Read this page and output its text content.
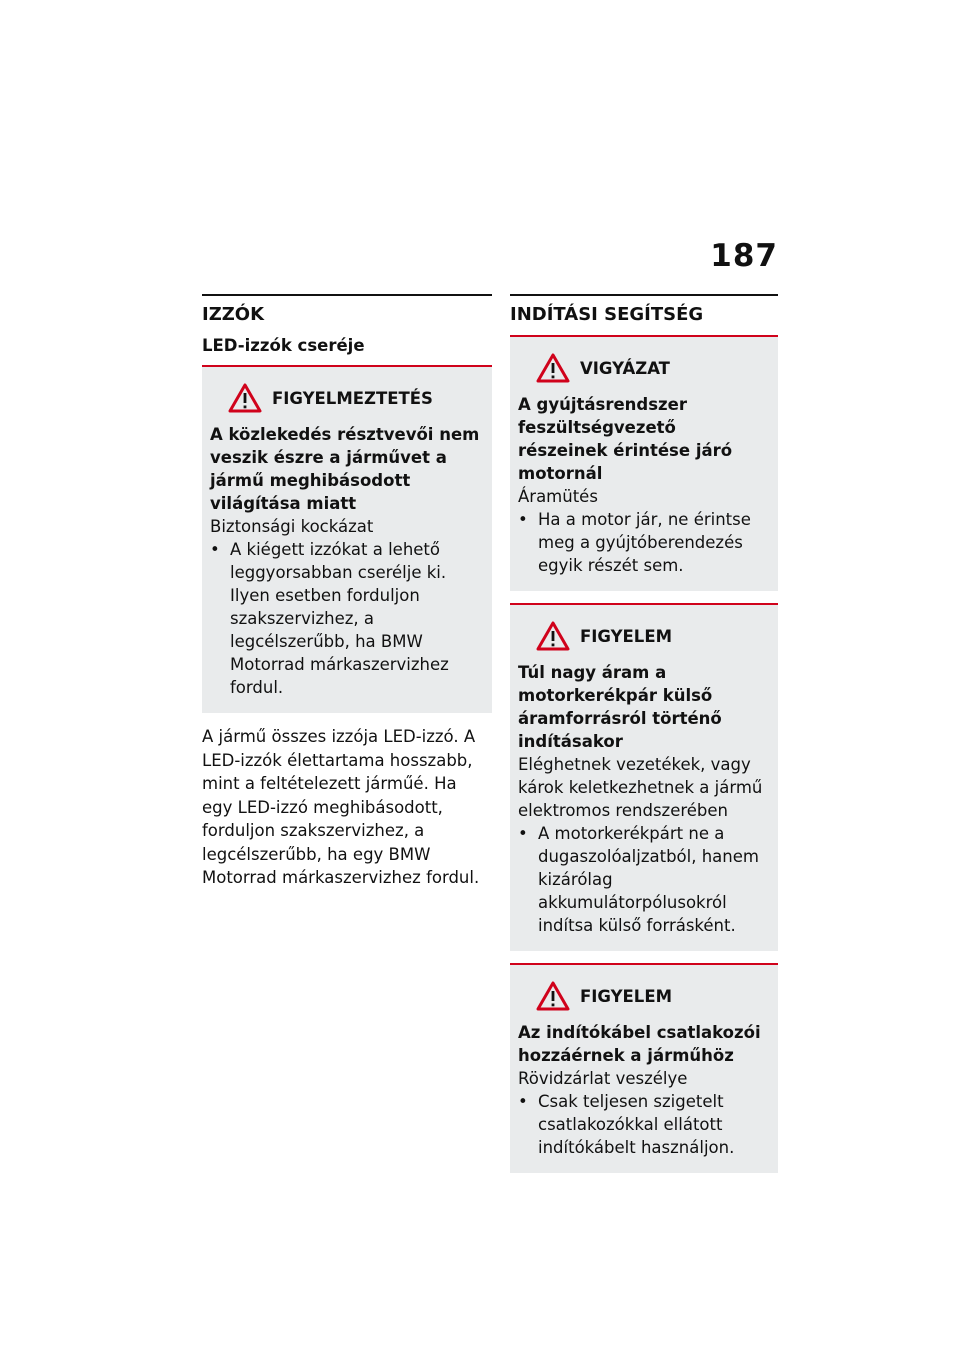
187
IZZÓK
LED-izzók cseréje
FIGYELMEZTETÉS
A közlekedés résztvevői nem veszik észre a járművet a jármű meghibásodott világítása miatt

Biztonsági kockázat

• A kiégett izzókat a lehető leggyorsabban cserélje ki. Ilyen esetben forduljon szakszervizhez, a legcélszerűbb, ha BMW Motorrad márkaszervizhez fordul.

A jármű összes izzója LED-izzó. A LED-izzók élettartama hosszabb, mint a feltételezett járműé. Ha egy LED-izzó meghibásodott, forduljon szakszervizhez, a legcélszerűbb, ha egy BMW Motorrad márkaszervizhez fordul.

INDÍTÁSI SEGÍTSÉG
VIGYÁZAT
A gyújtásrendszer feszültségvezető részeinek érintése járó motornál

Áramütés

• Ha a motor jár, ne érintse meg a gyújtóberendezés egyik részét sem.
FIGYELEM
Túl nagy áram a motorkerékpár külső áramforrásról történő indításakor

Eléghetnek vezetékek, vagy károk keletkezhetnek a jármű elektromos rendszerében

• A motorkerékpárt ne a dugaszolóaljzatból, hanem kizárólag akkumulátorpólusokról indítsa külső forrásként.
FIGYELEM
Az indítókábel csatlakozói hozzáérnek a járműhöz

Rövidzárlat veszélye

• Csak teljesen szigetelt csatlakozókkal ellátott indítókábelt használjon.
